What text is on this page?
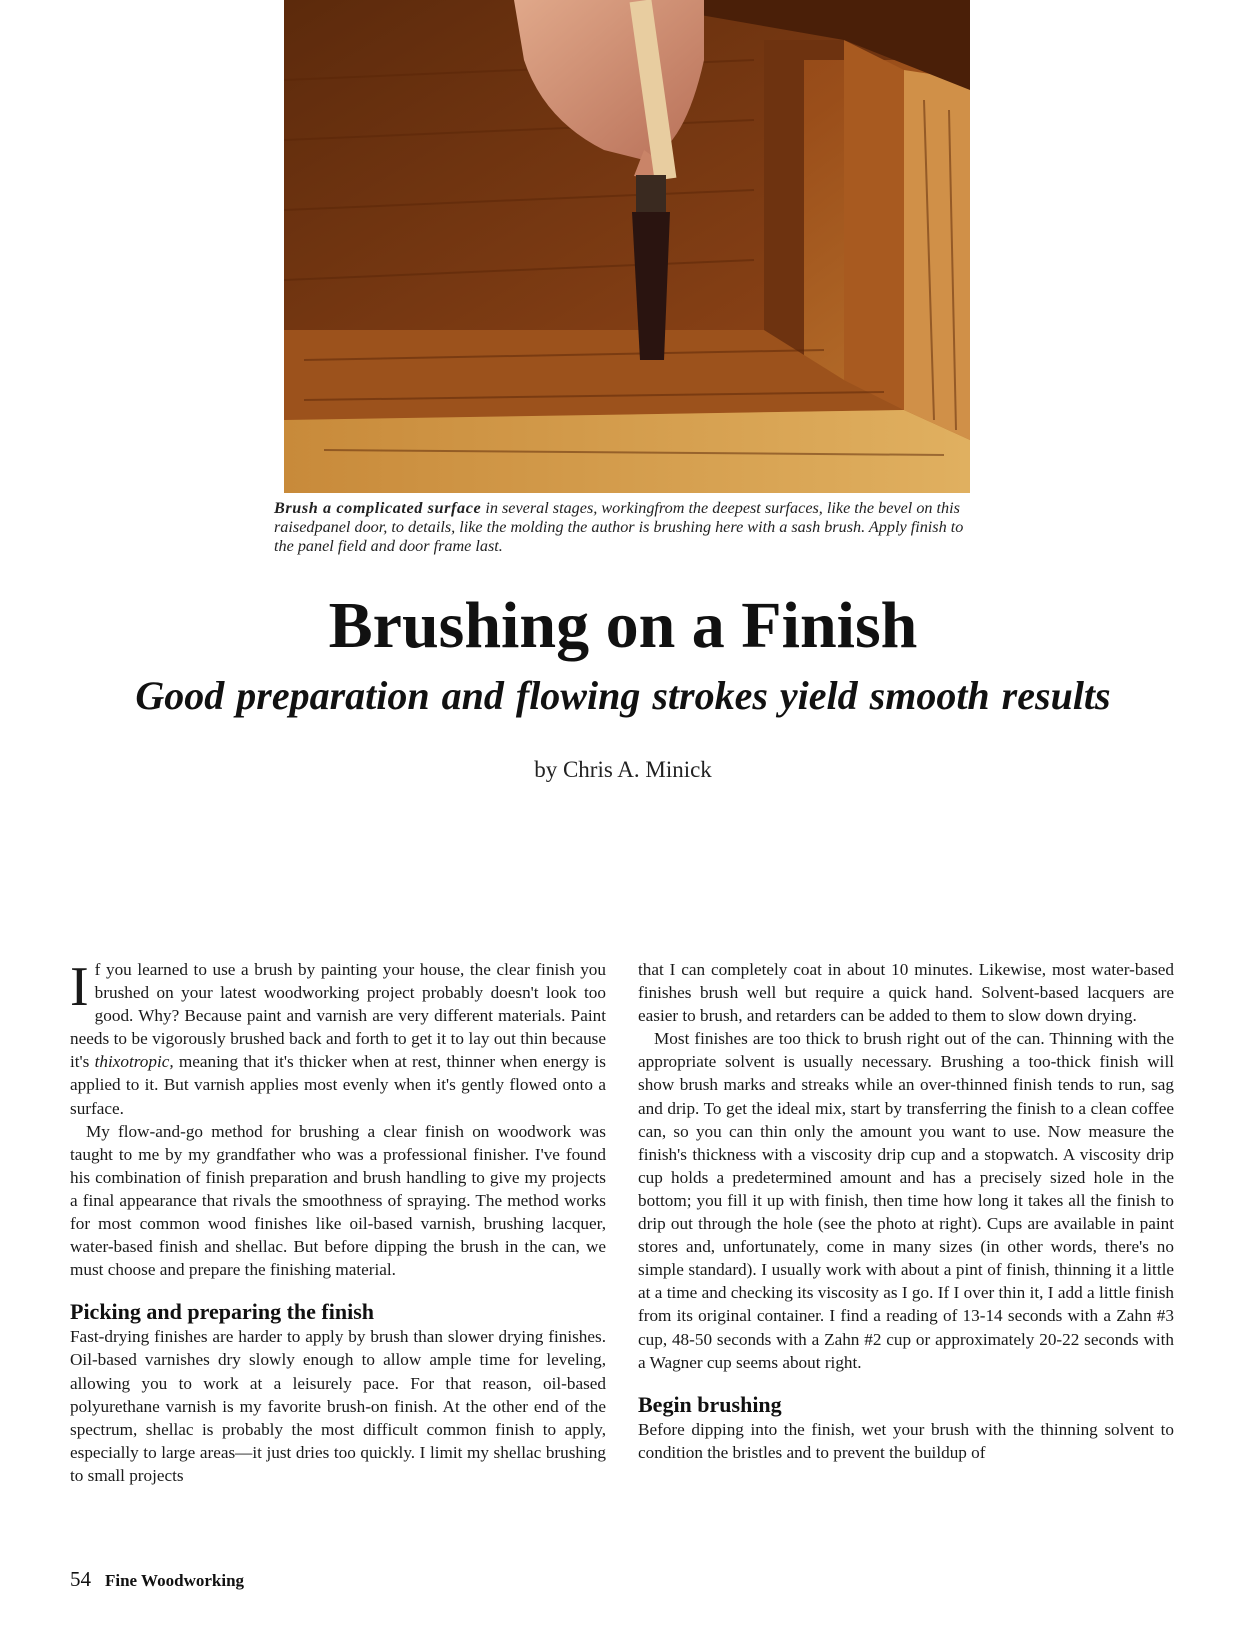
Brush a complicated surface in several stages, workingfrom the deepest surfaces, like the bevel on this raisedpanel door, to details, like the molding the author is brushing here with a sash brush. Apply finish to the panel field and door frame last.
Brushing on a Finish
Good preparation and flowing strokes yield smooth results
by Chris A. Minick

If you learned to use a brush by painting your house, the clear finish you brushed on your latest woodworking project probably doesn't look too good. Why? Because paint and varnish are very different materials. Paint needs to be vigorously brushed back and forth to get it to lay out thin because it's thixotropic, meaning that it's thicker when at rest, thinner when energy is applied to it. But varnish applies most evenly when it's gently flowed onto a surface.

My flow-and-go method for brushing a clear finish on woodwork was taught to me by my grandfather who was a professional finisher. I've found his combination of finish preparation and brush handling to give my projects a final appearance that rivals the smoothness of spraying. The method works for most common wood finishes like oil-based varnish, brushing lacquer, water-based finish and shellac. But before dipping the brush in the can, we must choose and prepare the finishing material.

Picking and preparing the finish

Fast-drying finishes are harder to apply by brush than slower drying finishes. Oil-based varnishes dry slowly enough to allow ample time for leveling, allowing you to work at a leisurely pace. For that reason, oil-based polyurethane varnish is my favorite brush-on finish. At the other end of the spectrum, shellac is probably the most difficult common finish to apply, especially to large areas—it just dries too quickly. I limit my shellac brushing to small projects

that I can completely coat in about 10 minutes. Likewise, most water-based finishes brush well but require a quick hand. Solvent-based lacquers are easier to brush, and retarders can be added to them to slow down drying.

Most finishes are too thick to brush right out of the can. Thinning with the appropriate solvent is usually necessary. Brushing a too-thick finish will show brush marks and streaks while an over-thinned finish tends to run, sag and drip. To get the ideal mix, start by transferring the finish to a clean coffee can, so you can thin only the amount you want to use. Now measure the finish's thickness with a viscosity drip cup and a stopwatch. A viscosity drip cup holds a predetermined amount and has a precisely sized hole in the bottom; you fill it up with finish, then time how long it takes all the finish to drip out through the hole (see the photo at right). Cups are available in paint stores and, unfortunately, come in many sizes (in other words, there's no simple standard). I usually work with about a pint of finish, thinning it a little at a time and checking its viscosity as I go. If I over thin it, I add a little finish from its original container. I find a reading of 13-14 seconds with a Zahn #3 cup, 48-50 seconds with a Zahn #2 cup or approximately 20-22 seconds with a Wagner cup seems about right.

Begin brushing

Before dipping into the finish, wet your brush with the thinning solvent to condition the bristles and to prevent the buildup of

54 Fine Woodworking
